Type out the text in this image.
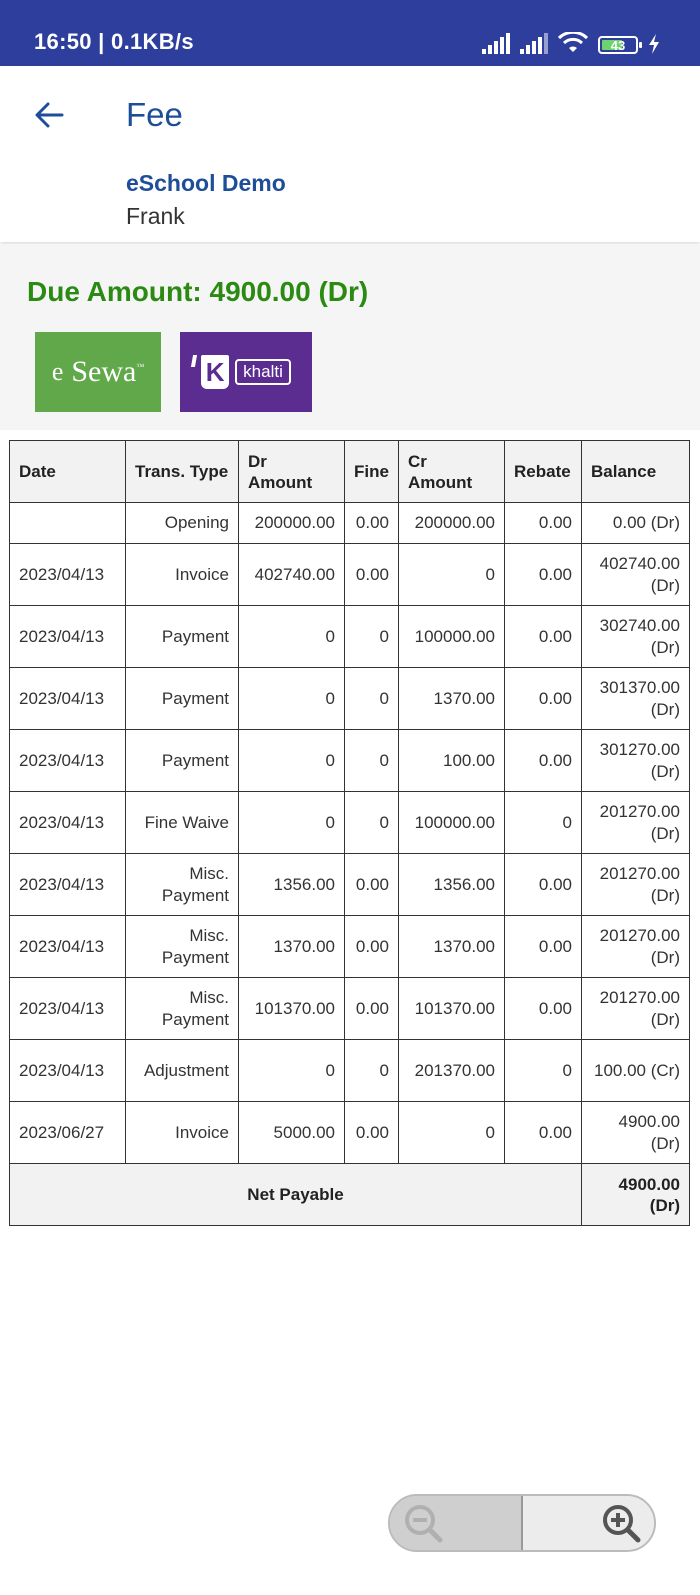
16:50 | 0.1KB/s	43
Fee
eSchool Demo
Frank
Due Amount: 4900.00 (Dr)
e Sewa ™ K	khalti
Date	Trans. Type	Dr Amount	Fine	Cr Amount	Rebate	Balance
	Opening	200000.00	0.00	200000.00	0.00	0.00 (Dr)
2023/04/13	Invoice	402740.00	0.00	0	0.00	402740.00 (Dr)
2023/04/13	Payment	0	0	100000.00	0.00	302740.00 (Dr)
2023/04/13	Payment	0	0	1370.00	0.00	301370.00 (Dr)
2023/04/13	Payment	0	0	100.00	0.00	301270.00 (Dr)
2023/04/13	Fine Waive	0	0	100000.00	0	201270.00 (Dr)
2023/04/13	Misc. Payment	1356.00	0.00	1356.00	0.00	201270.00 (Dr)
2023/04/13	Misc. Payment	1370.00	0.00	1370.00	0.00	201270.00 (Dr)
2023/04/13	Misc. Payment	101370.00	0.00	101370.00	0.00	201270.00 (Dr)
2023/04/13	Adjustment	0	0	201370.00	0	100.00 (Cr)
2023/06/27	Invoice	5000.00	0.00	0	0.00	4900.00 (Dr)
Net Payable						4900.00 (Dr)
